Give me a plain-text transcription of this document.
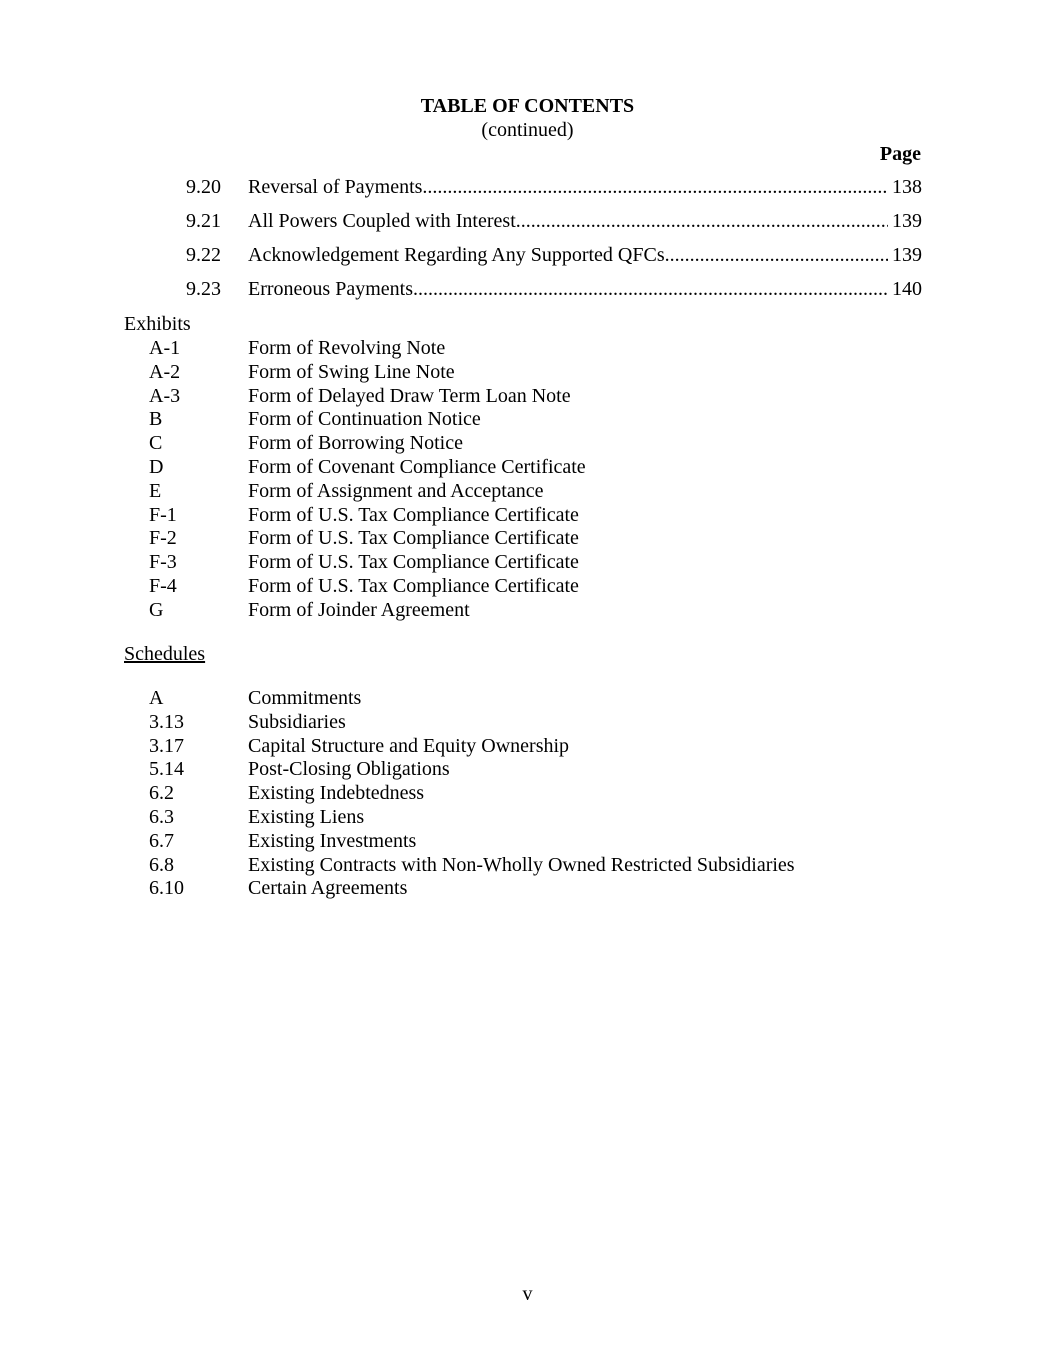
TABLE OF CONTENTS
(continued)
Page
9.20 Reversal of Payments .....	138
9.21 All Powers Coupled with Interest .....	139
9.22 Acknowledgement Regarding Any Supported QFCs .....	139
9.23 Erroneous Payments .....	140
Exhibits
A-1	Form of Revolving Note
A-2	Form of Swing Line Note
A-3	Form of Delayed Draw Term Loan Note
B	Form of Continuation Notice
C	Form of Borrowing Notice
D	Form of Covenant Compliance Certificate
E	Form of Assignment and Acceptance
F-1	Form of U.S. Tax Compliance Certificate
F-2	Form of U.S. Tax Compliance Certificate
F-3	Form of U.S. Tax Compliance Certificate
F-4	Form of U.S. Tax Compliance Certificate
G	Form of Joinder Agreement
Schedules
A	Commitments
3.13	Subsidiaries
3.17	Capital Structure and Equity Ownership
5.14	Post-Closing Obligations
6.2	Existing Indebtedness
6.3	Existing Liens
6.7	Existing Investments
6.8	Existing Contracts with Non-Wholly Owned Restricted Subsidiaries
6.10	Certain Agreements
v
